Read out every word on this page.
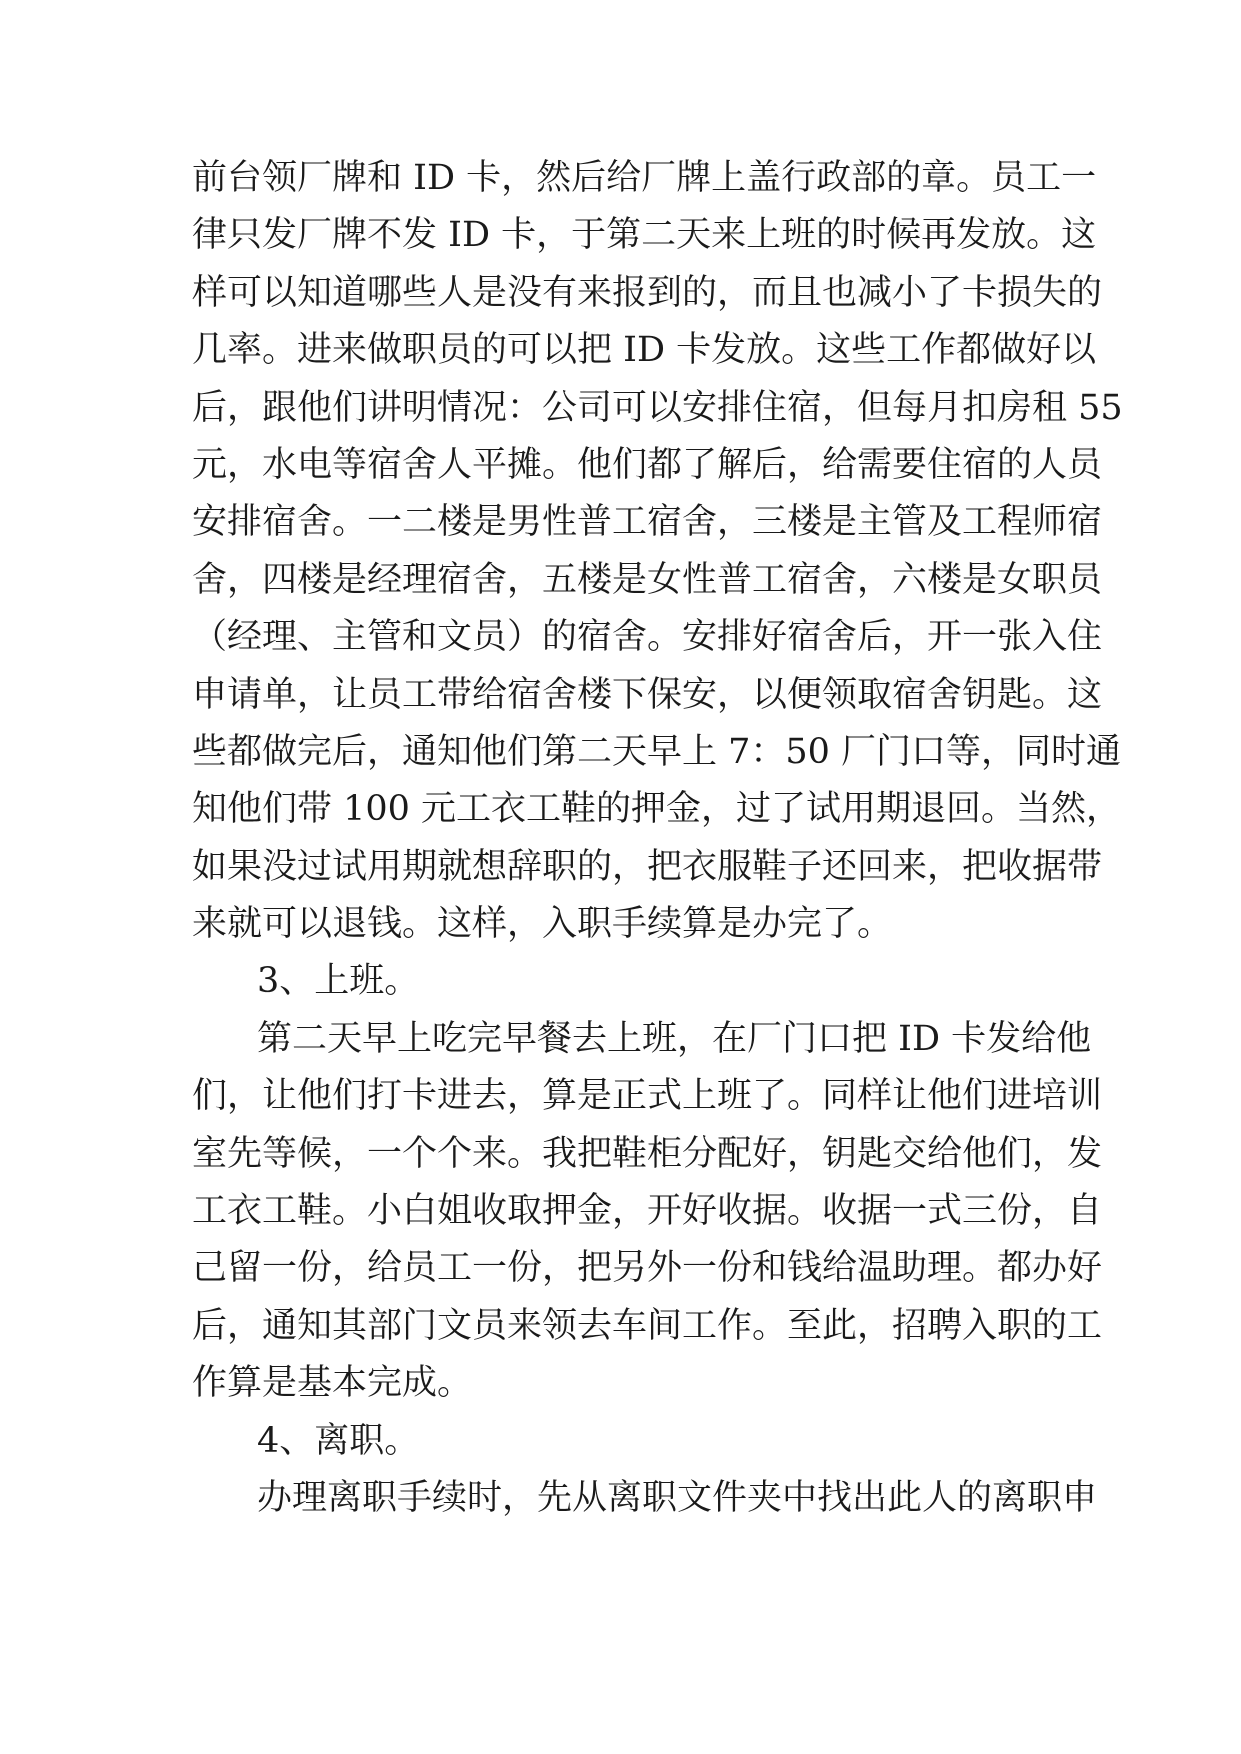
前台领厂牌和 ID 卡，然后给厂牌上盖行政部的章。员工一
律只发厂牌不发 ID 卡，于第二天来上班的时候再发放。这
样可以知道哪些人是没有来报到的，而且也减小了卡损失的
几率。进来做职员的可以把 ID 卡发放。这些工作都做好以
后，跟他们讲明情况：公司可以安排住宿，但每月扣房租 55
元，水电等宿舍人平摊。他们都了解后，给需要住宿的人员
安排宿舍。一二楼是男性普工宿舍，三楼是主管及工程师宿
舍，四楼是经理宿舍，五楼是女性普工宿舍，六楼是女职员
（经理、主管和文员）的宿舍。安排好宿舍后，开一张入住
申请单，让员工带给宿舍楼下保安，以便领取宿舍钥匙。这
些都做完后，通知他们第二天早上 7：50 厂门口等，同时通
知他们带 100 元工衣工鞋的押金，过了试用期退回。当然，
如果没过试用期就想辞职的，把衣服鞋子还回来，把收据带
来就可以退钱。这样，入职手续算是办完了。
3、上班。
第二天早上吃完早餐去上班，在厂门口把 ID 卡发给他
们，让他们打卡进去，算是正式上班了。同样让他们进培训
室先等候，一个个来。我把鞋柜分配好，钥匙交给他们，发
工衣工鞋。小白姐收取押金，开好收据。收据一式三份，自
己留一份，给员工一份，把另外一份和钱给温助理。都办好
后，通知其部门文员来领去车间工作。至此，招聘入职的工
作算是基本完成。
4、离职。
办理离职手续时，先从离职文件夹中找出此人的离职申
